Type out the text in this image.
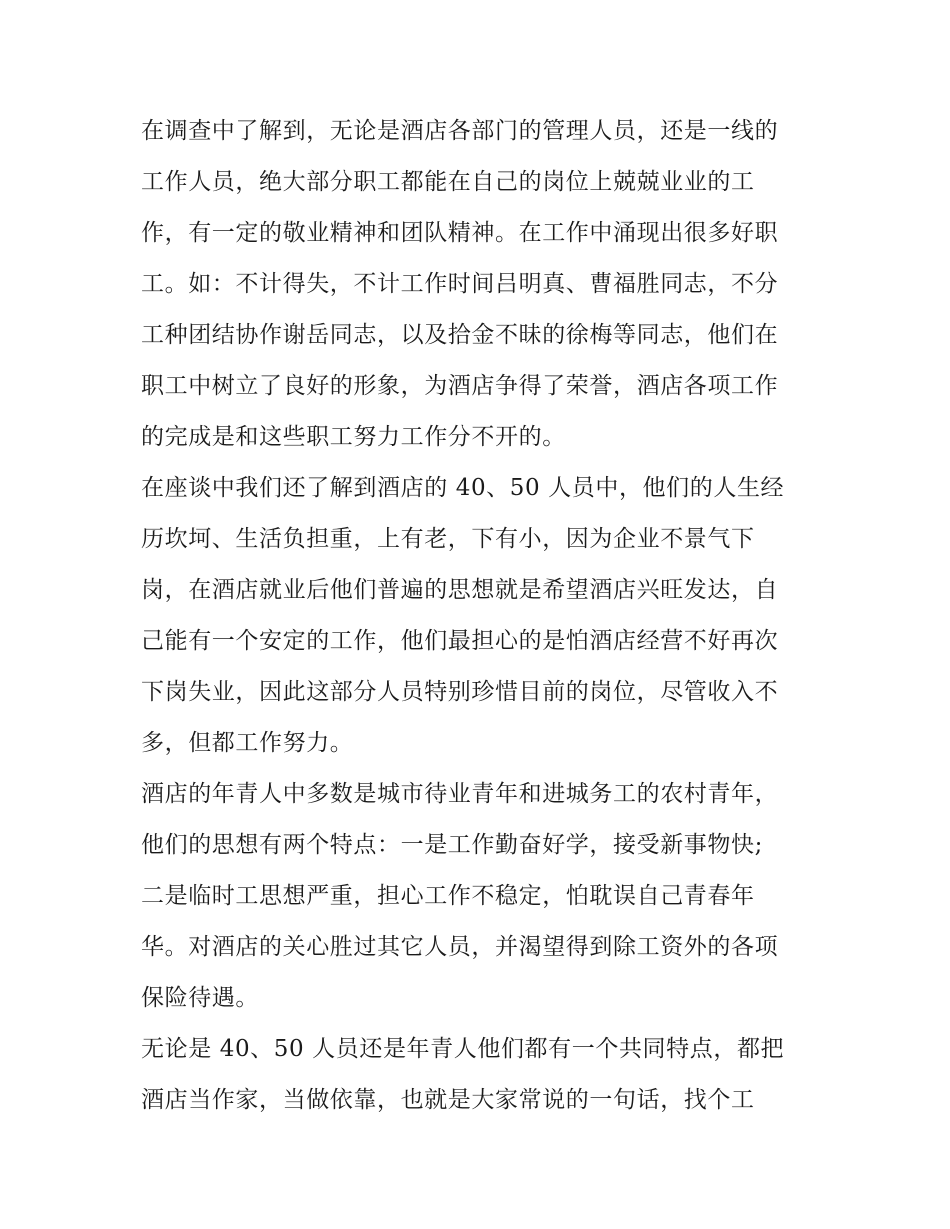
在调查中了解到，无论是酒店各部门的管理人员，还是一线的
工作人员，绝大部分职工都能在自己的岗位上兢兢业业的工
作，有一定的敬业精神和团队精神。在工作中涌现出很多好职
工。如：不计得失，不计工作时间吕明真、曹福胜同志，不分
工种团结协作谢岳同志，以及拾金不昧的徐梅等同志，他们在
职工中树立了良好的形象，为酒店争得了荣誉，酒店各项工作
的完成是和这些职工努力工作分不开的。
在座谈中我们还了解到酒店的 40、50 人员中，他们的人生经
历坎坷、生活负担重，上有老，下有小，因为企业不景气下
岗，在酒店就业后他们普遍的思想就是希望酒店兴旺发达，自
己能有一个安定的工作，他们最担心的是怕酒店经营不好再次
下岗失业，因此这部分人员特别珍惜目前的岗位，尽管收入不
多，但都工作努力。
酒店的年青人中多数是城市待业青年和进城务工的农村青年，
他们的思想有两个特点：一是工作勤奋好学，接受新事物快;
二是临时工思想严重，担心工作不稳定，怕耽误自己青春年
华。对酒店的关心胜过其它人员，并渴望得到除工资外的各项
保险待遇。
无论是 40、50 人员还是年青人他们都有一个共同特点，都把
酒店当作家，当做依靠，也就是大家常说的一句话，找个工
